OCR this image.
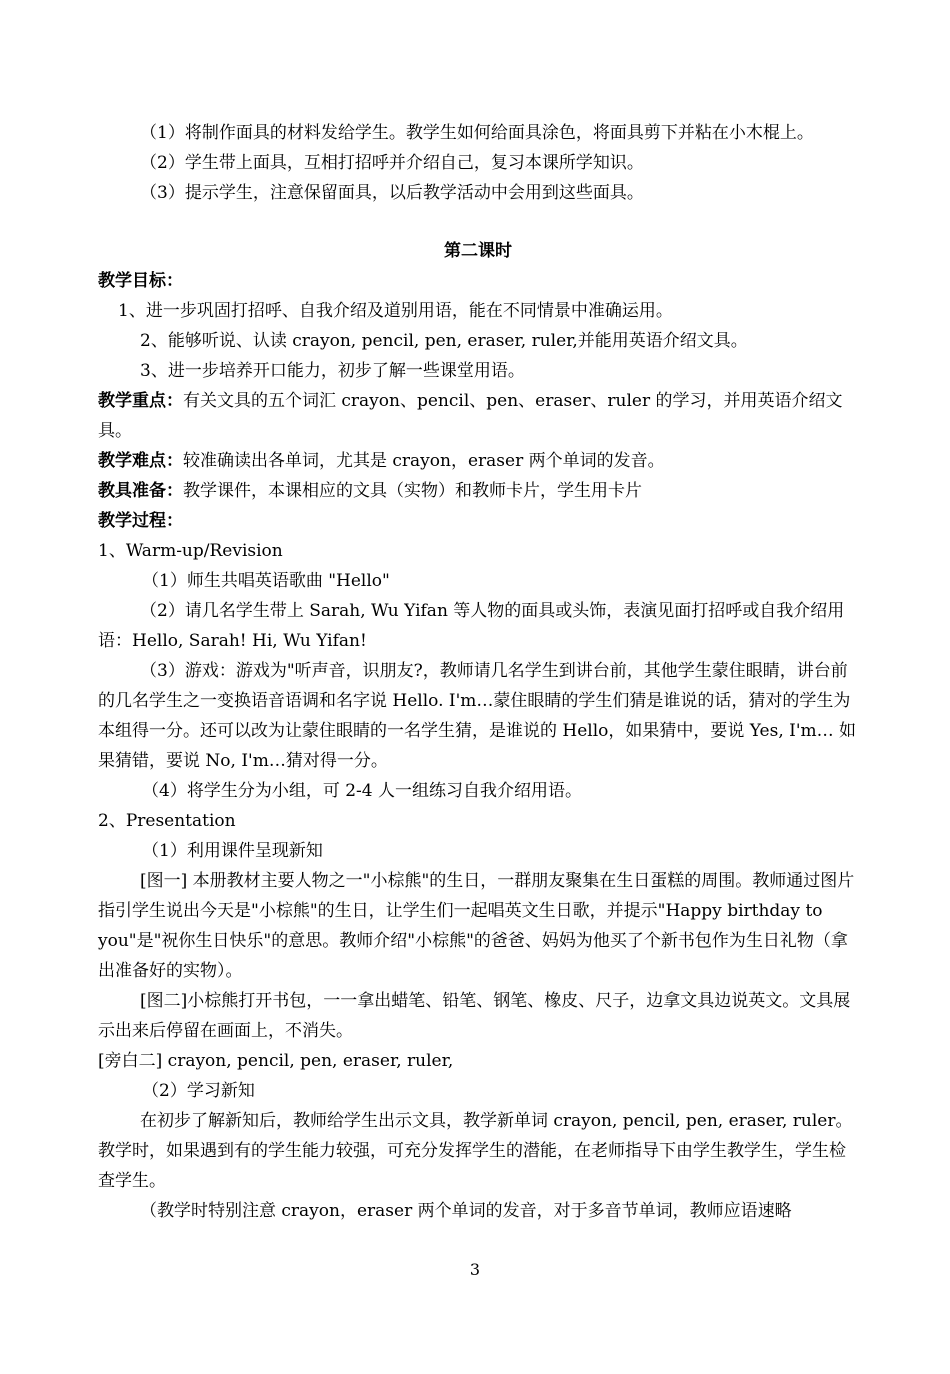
（1）将制作面具的材料发给学生。教学生如何给面具涂色，将面具剪下并粘在小木棍上。

（2）学生带上面具，互相打招呼并介绍自己，复习本课所学知识。

（3）提示学生，注意保留面具，以后教学活动中会用到这些面具。

第二课时

教学目标：

1、进一步巩固打招呼、自我介绍及道别用语，能在不同情景中准确运用。

2、能够听说、认读 crayon, pencil, pen, eraser, ruler,并能用英语介绍文具。

3、进一步培养开口能力，初步了解一些课堂用语。

教学重点：有关文具的五个词汇 crayon、pencil、pen、eraser、ruler 的学习，并用英语介绍文具。

教学难点：较准确读出各单词，尤其是 crayon，eraser 两个单词的发音。

教具准备：教学课件，本课相应的文具（实物）和教师卡片，学生用卡片

教学过程：

1、Warm-up/Revision

（1）师生共唱英语歌曲 "Hello"

（2）请几名学生带上 Sarah, Wu Yifan 等人物的面具或头饰，表演见面打招呼或自我介绍用语：Hello, Sarah! Hi, Wu Yifan!

（3）游戏：游戏为"听声音，识朋友?，教师请几名学生到讲台前，其他学生蒙住眼睛，讲台前的几名学生之一变换语音语调和名字说 Hello. I'm…蒙住眼睛的学生们猜是谁说的话，猜对的学生为本组得一分。还可以改为让蒙住眼睛的一名学生猜，是谁说的 Hello，如果猜中，要说 Yes, I'm… 如果猜错，要说 No, I'm…猜对得一分。

（4）将学生分为小组，可 2-4 人一组练习自我介绍用语。

2、Presentation

（1）利用课件呈现新知

[图一] 本册教材主要人物之一"小棕熊"的生日，一群朋友聚集在生日蛋糕的周围。教师通过图片指引学生说出今天是"小棕熊"的生日，让学生们一起唱英文生日歌，并提示"Happy birthday to you"是"祝你生日快乐"的意思。教师介绍"小棕熊"的爸爸、妈妈为他买了个新书包作为生日礼物（拿出准备好的实物）。

[图二]小棕熊打开书包，一一拿出蜡笔、铅笔、钢笔、橡皮、尺子，边拿文具边说英文。文具展示出来后停留在画面上，不消失。

[旁白二] crayon, pencil, pen, eraser, ruler,

（2）学习新知

在初步了解新知后，教师给学生出示文具，教学新单词 crayon, pencil, pen, eraser, ruler。教学时，如果遇到有的学生能力较强，可充分发挥学生的潜能，在老师指导下由学生教学生，学生检查学生。

（教学时特别注意 crayon，eraser 两个单词的发音，对于多音节单词，教师应语速略

3
